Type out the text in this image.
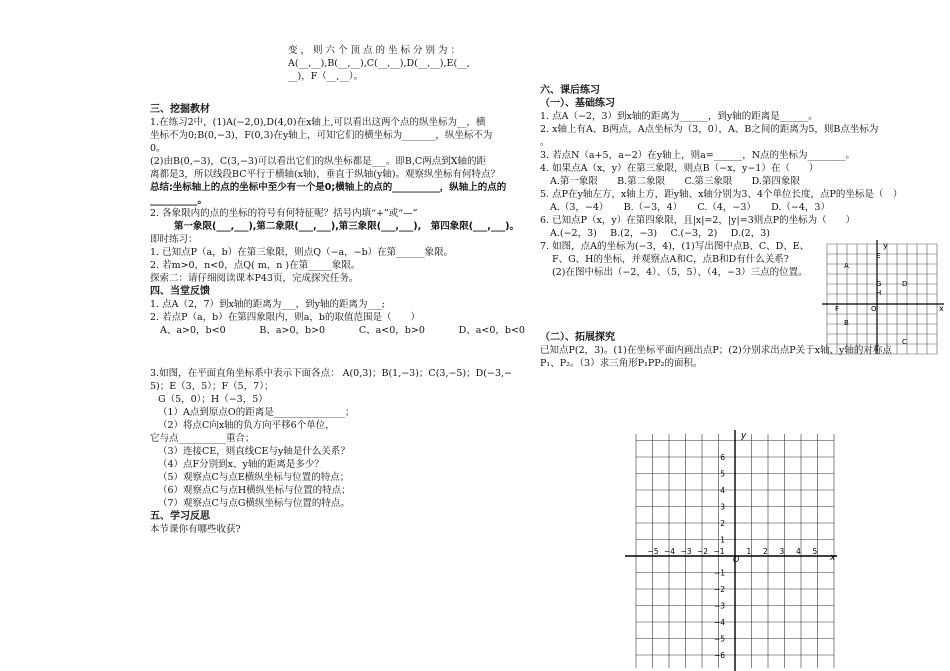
变，则六个顶点的坐标分别为：

A(__,__),B(__,__),C(__,__),D(__,__),E(__,

__)，F（__,__）。

三、挖掘教材

1.在练习2中，(1)A(−2,0),D(4,0)在x轴上,可以看出这两个点的纵坐标为__，横

坐标不为0;B(0,−3)，F(0,3)在y轴上，可知它们的横坐标为_______，纵坐标不为

0。

(2)由B(0,−3)，C(3,−3)可以看出它们的纵坐标都是___。即B,C两点到X轴的距

离都是3，所以线段BC平行于横轴(x轴)，垂直于纵轴(y轴)。观察纵坐标有何特点？

总结:坐标轴上的点的坐标中至少有一个是0;横轴上的点的__________，纵轴上的点的

__________。

2. 各象限内的点的坐标的符号有何特征呢？括号内填“+”或“—”

第一象限(___,___),第二象限(___,___),第三象限(___,___),　第四象限(___,___)。

即时练习：

1. 已知点P（a，b）在第三象限，则点Q（−a，−b）在第______象限。

2. 若m>0，n<0，点Q( m，n )在第_____象限。

探索二：请仔细阅读课本P43页，完成探究任务。

四、当堂反馈

1. 点A（2，7）到x轴的距离为___，到y轴的距离为___;

2. 若点P（a，b）在第四象限内，则a，b的取值范围是（　　）

A、a>0，b<0	B、a>0，b>0	C、a<0，b>0	D、a<0，b<0

3.如图，在平面直角坐标系中表示下面各点： A(0,3)；B(1,−3)；C(3,−5)；D(−3,−

5)；E（3，5）；F（5，7）；

G（5，0）；H（−3，5）

（1）A点到原点O的距离是_______________；

（2）将点C向x轴的负方向平移6个单位，

它与点__________重合；

（3）连接CE，则直线CE与y轴是什么关系？

（4）点F分别到x、y轴的距离是多少？

（5）观察点C与点E横纵坐标与位置的特点；

（6）观察点C与点H横纵坐标与位置的特点；

（7）观察点C与点G横纵坐标与位置的特点。

五、学习反思

本节课你有哪些收获?

六、课后练习

（一）、基础练习

1. 点A（−2，3）到x轴的距离为______，到y轴的距离是______。

2. x轴上有A、B两点，A点坐标为（3，0），A、B之间的距离为5，则B点坐标为

。

3. 若点N（a+5，a−2）在y轴上，则a=______，N点的坐标为________。

4. 如果点A（x，y）在第三象限，则点B（−x，y−1）在（　　）

A.第一象限 B.第二象限 C.第三象限 D.第四象限

5. 点P在y轴左方，x轴上方，距y轴、x轴分别为3、4个单位长度，点P的坐标是（　）

A.（3，−4） B.（−3，4） C.（4，−3） D.（−4，3）

6. 已知点P（x，y）在第四象限，且|x|=2，|y|=3则点P的坐标为（　　）

A.(−2，3) B.(2，−3) C.(−3，2) D.(2，3)

7. 如图，点A的坐标为(−3，4)，(1)写出图中点B、C、D、E、

F、G、H的坐标，并观察点A和C，点B和D有什么关系?

(2)在图中标出（−2，4）、（5，5）、（4，−3）三点的位置。

（二）、拓展探究

已知点P(2，3)。(1)在坐标平面内画出点P；(2)分别求出点P关于x轴、y轴的对称点

P₁、P₂。（3）求三角形P₁PP₂的面积。

y
x
O
A
E
H
D
G
F
B
C
−5 −4 −3 −2 −1	1 2 3 4 5
6
5
4
3
2
1
−1
−2
−3
−4
−5
−6
O	x
y
